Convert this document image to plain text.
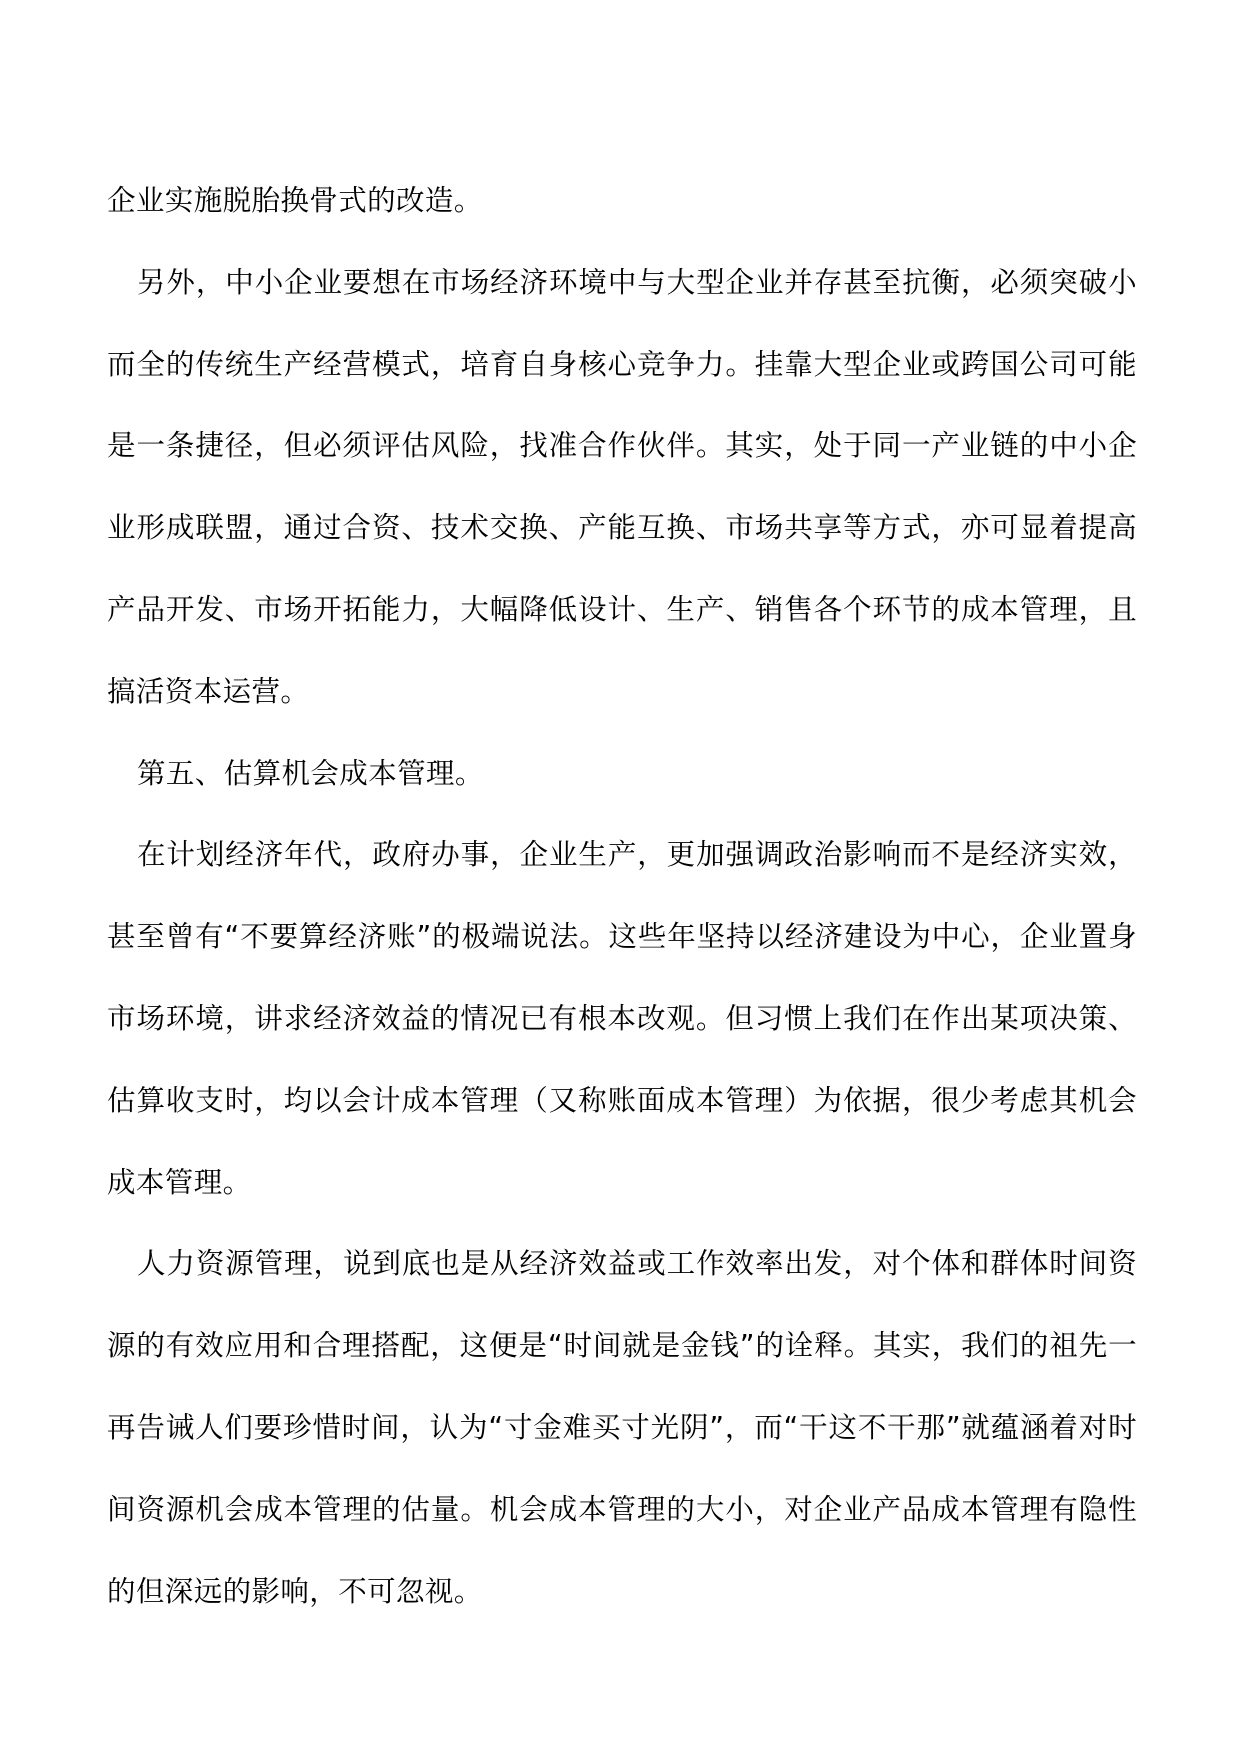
企业实施脱胎换骨式的改造。

另外，中小企业要想在市场经济环境中与大型企业并存甚至抗衡，必须突破小而全的传统生产经营模式，培育自身核心竞争力。挂靠大型企业或跨国公司可能是一条捷径，但必须评估风险，找准合作伙伴。其实，处于同一产业链的中小企业形成联盟，通过合资、技术交换、产能互换、市场共享等方式，亦可显着提高产品开发、市场开拓能力，大幅降低设计、生产、销售各个环节的成本管理，且搞活资本运营。

第五、估算机会成本管理。

在计划经济年代，政府办事，企业生产，更加强调政治影响而不是经济实效，甚至曾有“不要算经济账”的极端说法。这些年坚持以经济建设为中心，企业置身市场环境，讲求经济效益的情况已有根本改观。但习惯上我们在作出某项决策、估算收支时，均以会计成本管理（又称账面成本管理）为依据，很少考虑其机会成本管理。

人力资源管理，说到底也是从经济效益或工作效率出发，对个体和群体时间资源的有效应用和合理搭配，这便是“时间就是金钱”的诠释。其实，我们的祖先一再告诫人们要珍惜时间，认为“寸金难买寸光阴”，而“干这不干那”就蕴涵着对时间资源机会成本管理的估量。机会成本管理的大小，对企业产品成本管理有隐性的但深远的影响，不可忽视。
